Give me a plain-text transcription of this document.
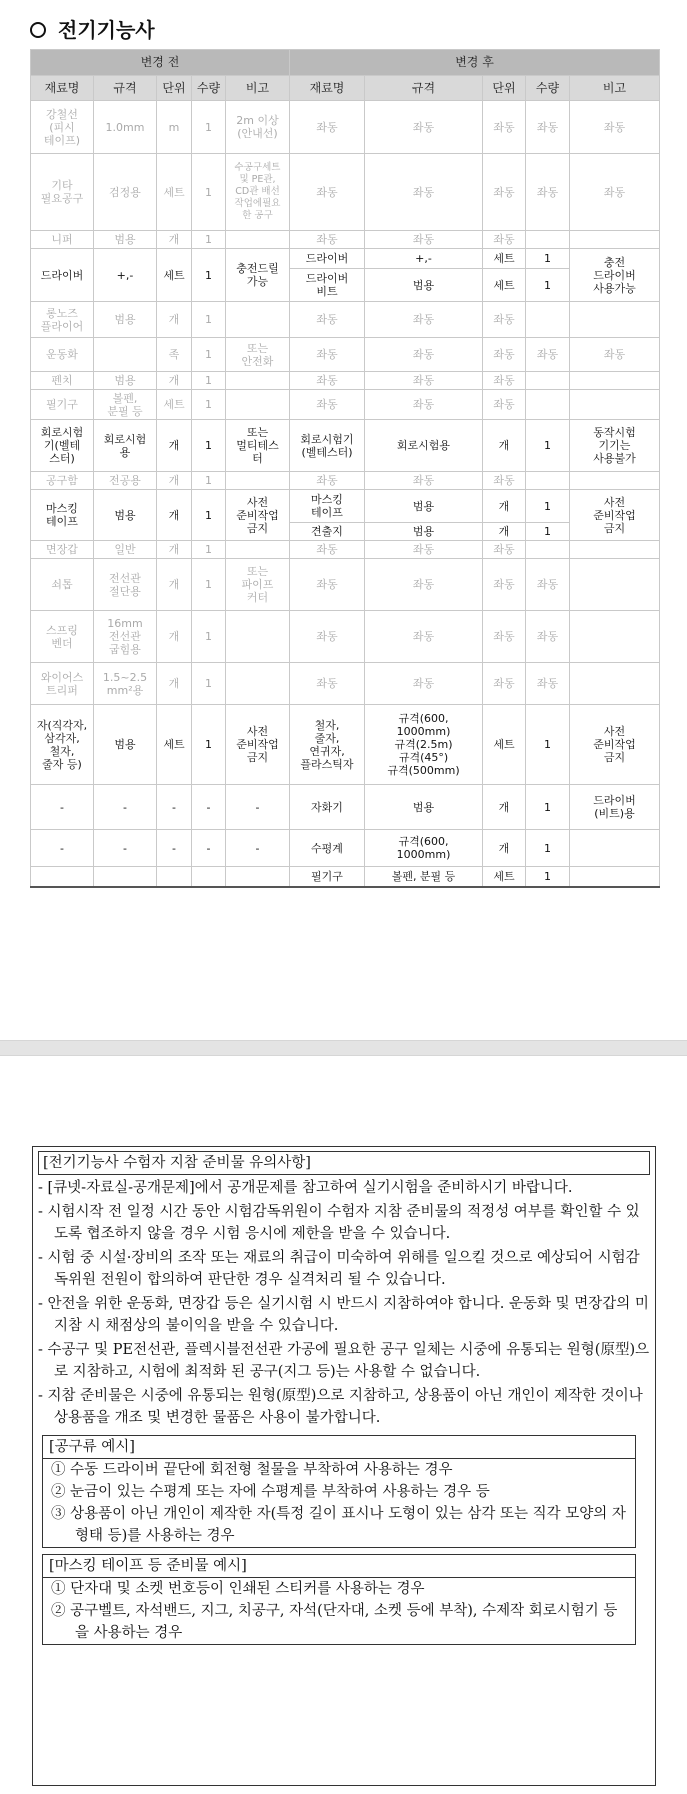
전기기능사
변경 전					변경 후				
재료명	규격	단위	수량	비고	재료명	규격	단위	수량	비고
강철선
(피시
테이프)	1.0mm	m	1	2m 이상
(안내선)	좌동	좌동	좌동	좌동	좌동
기타
필요공구	검정용	세트	1	수공구세트
및 PE관,
CD관 배선
작업에필요
한 공구	좌동	좌동	좌동	좌동	좌동
니퍼	범용	개	1		좌동	좌동	좌동		
드라이버	+,-	세트	1	충전드릴
가능	드라이버	+,-	세트	1	충전
드라이버
사용가능
					드라이버
비트	범용	세트	1	
롱노즈
플라이어	범용	개	1		좌동	좌동	좌동		
운동화		족	1	또는
안전화	좌동	좌동	좌동	좌동	좌동
펜치	범용	개	1		좌동	좌동	좌동		
필기구	볼펜,
분필 등	세트	1		좌동	좌동	좌동		
회로시험
기(벨테
스터)	회로시험
용	개	1	또는
멀티테스
터	회로시험기
(벨테스터)	회로시험용	개	1	동작시험
기기는
사용불가
공구함	전공용	개	1		좌동	좌동	좌동		
마스킹
테이프	범용	개	1	사전
준비작업
금지	마스킹
테이프	범용	개	1	사전
준비작업
금지
					견출지	범용	개	1	
면장갑	일반	개	1		좌동	좌동	좌동		
쇠톱	전선관
절단용	개	1	또는
파이프
커터	좌동	좌동	좌동	좌동	
스프링
벤더	16mm
전선관
굽힘용	개	1		좌동	좌동	좌동	좌동	
와이어스
트리퍼	1.5~2.5
mm²용	개	1		좌동	좌동	좌동	좌동	
자(직각자,
삼각자,
철자,
줄자 등)	범용	세트	1	사전
준비작업
금지	철자,
줄자,
연귀자,
플라스틱자	규격(600,
1000mm)
규격(2.5m)
규격(45°)
규격(500mm)	세트	1	사전
준비작업
금지
-	-	-	-	-	자화기	범용	개	1	드라이버
(비트)용
-	-	-	-	-	수평계	규격(600,
1000mm)	개	1	
					필기구	볼펜, 분필 등	세트	1	
[전기기능사 수험자 지참 준비물 유의사항]
- [큐넷-자료실-공개문제]에서 공개문제를 참고하여 실기시험을 준비하시기 바랍니다.
- 시험시작 전 일정 시간 동안 시험감독위원이 수험자 지참 준비물의 적정성 여부를 확인할 수 있도록 협조하지 않을 경우 시험 응시에 제한을 받을 수 있습니다.
- 시험 중 시설·장비의 조작 또는 재료의 취급이 미숙하여 위해를 일으킬 것으로 예상되어 시험감독위원 전원이 합의하여 판단한 경우 실격처리 될 수 있습니다.
- 안전을 위한 운동화, 면장갑 등은 실기시험 시 반드시 지참하여야 합니다. 운동화 및 면장갑의 미지참 시 채점상의 불이익을 받을 수 있습니다.
- 수공구 및 PE전선관, 플렉시블전선관 가공에 필요한 공구 일체는 시중에 유통되는 원형(原型)으로 지참하고, 시험에 최적화 된 공구(지그 등)는 사용할 수 없습니다.
- 지참 준비물은 시중에 유통되는 원형(原型)으로 지참하고, 상용품이 아닌 개인이 제작한 것이나 상용품을 개조 및 변경한 물품은 사용이 불가합니다.
[공구류 예시]
① 수동 드라이버 끝단에 회전형 철물을 부착하여 사용하는 경우
② 눈금이 있는 수평계 또는 자에 수평계를 부착하여 사용하는 경우 등
③ 상용품이 아닌 개인이 제작한 자(특정 길이 표시나 도형이 있는 삼각 또는 직각 모양의 자 형태 등)를 사용하는 경우
[마스킹 테이프 등 준비물 예시]
① 단자대 및 소켓 번호등이 인쇄된 스티커를 사용하는 경우
② 공구벨트, 자석밴드, 지그, 치공구, 자석(단자대, 소켓 등에 부착), 수제작 회로시험기 등을 사용하는 경우
